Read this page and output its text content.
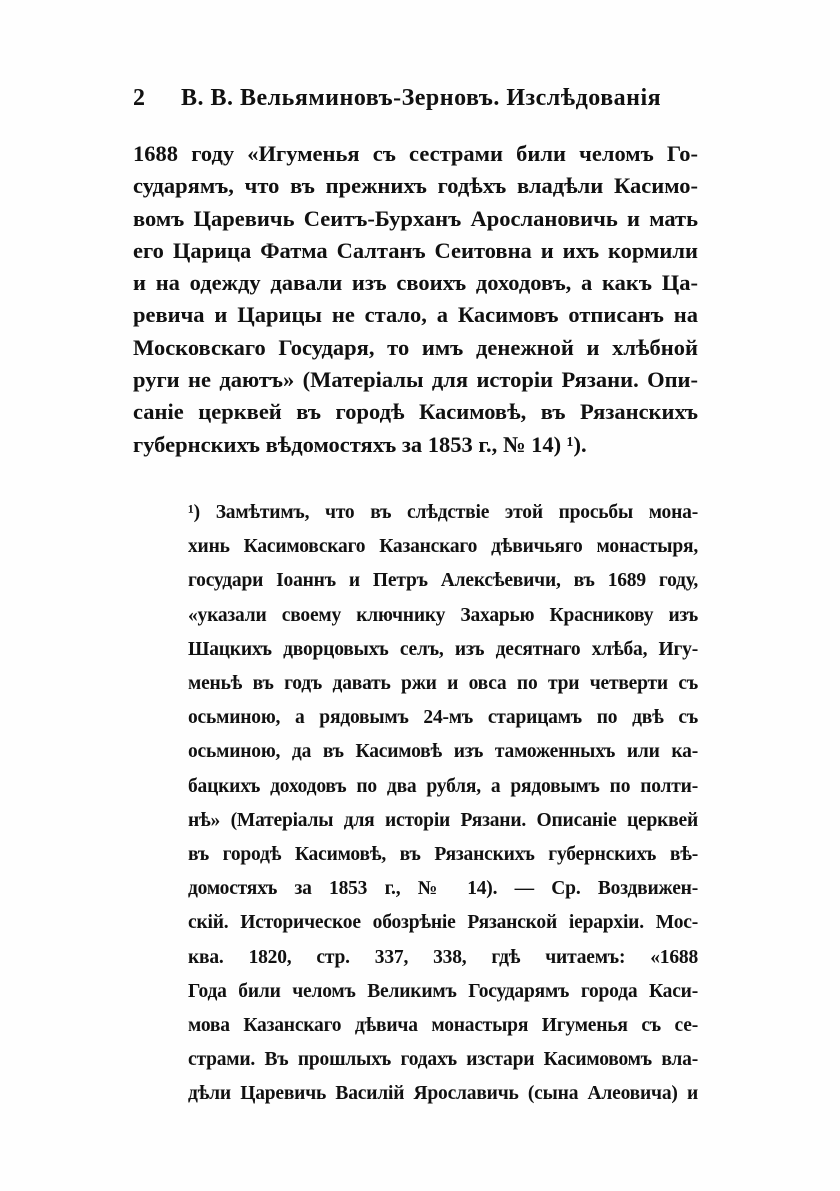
2	В. В. Вельяминовъ-Зерновъ. Изслѣдованія
1688 году «Игуменья съ сестрами били челомъ Го-
сударямъ, что въ прежнихъ годѣхъ владѣли Касимо-
вомъ Царевичь Сеитъ-Бурханъ Арослановичь и мать
его Царица Фатма Салтанъ Сеитовна и ихъ кормили
и на одежду давали изъ своихъ доходовъ, а какъ Ца-
ревича и Царицы не стало, а Касимовъ отписанъ на
Московскаго Государя, то имъ денежной и хлѣбной
руги не даютъ» (Матеріалы для исторіи Рязани. Опи-
саніе церквей въ городѣ Касимовѣ, въ Рязанскихъ
губернскихъ вѣдомостяхъ за 1853 г., № 14) ¹).
¹) Замѣтимъ, что въ слѣдствіе этой просьбы мона-
хинь Касимовскаго Казанскаго дѣвичьяго монастыря,
государи Іоаннъ и Петръ Алексѣевичи, въ 1689 году,
«указали своему ключнику Захарью Красникову изъ
Шацкихъ дворцовыхъ селъ, изъ десятнаго хлѣба, Игу-
меньѣ въ годъ давать ржи и овса по три четверти съ
осьминою, а рядовымъ 24-мъ старицамъ по двѣ съ
осьминою, да въ Касимовѣ изъ таможенныхъ или ка-
бацкихъ доходовъ по два рубля, а рядовымъ по полти-
нѣ» (Матеріалы для исторіи Рязани. Описаніе церквей
въ городѣ Касимовѣ, въ Рязанскихъ губернскихъ вѣ-
домостяхъ за 1853 г., № 14). — Ср. Воздвижен-
скій. Историческое обозрѣніе Рязанской іерархіи. Мос-
ква. 1820, стр. 337, 338, гдѣ читаемъ: «1688
Года били челомъ Великимъ Государямъ города Каси-
мова Казанскаго дѣвича монастыря Игуменья съ се-
страми. Въ прошлыхъ годахъ изстари Касимовомъ вла-
дѣли Царевичь Василій Ярославичь (сына Алеовича) и
